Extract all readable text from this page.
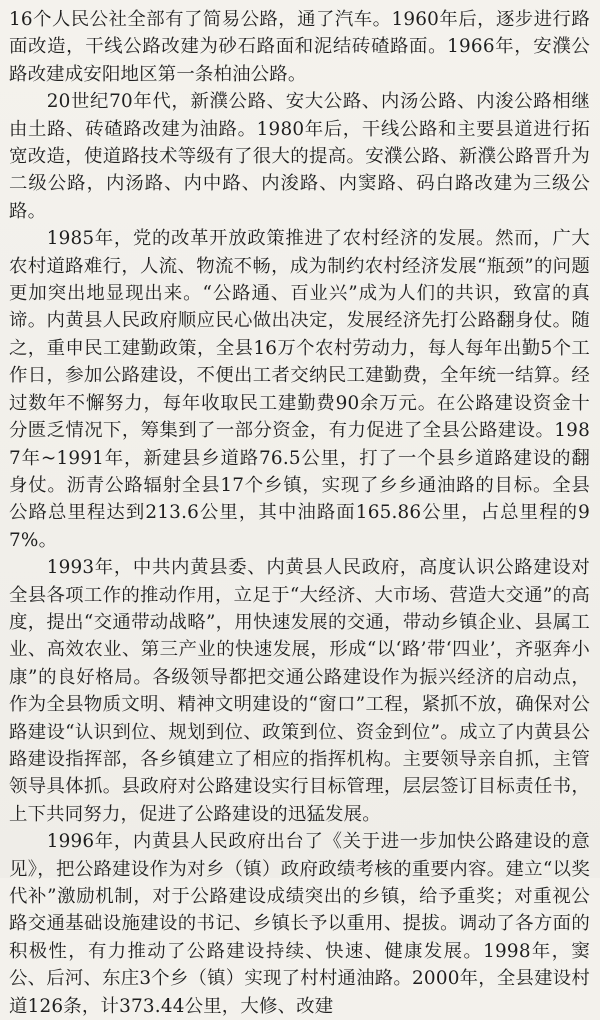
16个人民公社全部有了简易公路，通了汽车。1960年后，逐步进行路面改造，干线公路改建为砂石路面和泥结砖碴路面。1966年，安濮公路改建成安阳地区第一条柏油公路。

20世纪70年代，新濮公路、安大公路、内汤公路、内浚公路相继由土路、砖碴路改建为油路。1980年后，干线公路和主要县道进行拓宽改造，使道路技术等级有了很大的提高。安濮公路、新濮公路晋升为二级公路，内汤路、内中路、内浚路、内窦路、码白路改建为三级公路。

1985年，党的改革开放政策推进了农村经济的发展。然而，广大农村道路难行，人流、物流不畅，成为制约农村经济发展“瓶颈”的问题更加突出地显现出来。“公路通、百业兴”成为人们的共识，致富的真谛。内黄县人民政府顺应民心做出决定，发展经济先打公路翻身仗。随之，重申民工建勤政策，全县16万个农村劳动力，每人每年出勤5个工作日，参加公路建设，不便出工者交纳民工建勤费，全年统一结算。经过数年不懈努力，每年收取民工建勤费90余万元。在公路建设资金十分匮乏情况下，筹集到了一部分资金，有力促进了全县公路建设。1987年~1991年，新建县乡道路76.5公里，打了一个县乡道路建设的翻身仗。沥青公路辐射全县17个乡镇，实现了乡乡通油路的目标。全县公路总里程达到213.6公里，其中油路面165.86公里，占总里程的97%。

1993年，中共内黄县委、内黄县人民政府，高度认识公路建设对全县各项工作的推动作用，立足于“大经济、大市场、营造大交通”的高度，提出“交通带动战略”，用快速发展的交通，带动乡镇企业、县属工业、高效农业、第三产业的快速发展，形成“以‘路’带‘四业’，齐驱奔小康”的良好格局。各级领导都把交通公路建设作为振兴经济的启动点，作为全县物质文明、精神文明建设的“窗口”工程，紧抓不放，确保对公路建设“认识到位、规划到位、政策到位、资金到位”。成立了内黄县公路建设指挥部，各乡镇建立了相应的指挥机构。主要领导亲自抓，主管领导具体抓。县政府对公路建设实行目标管理，层层签订目标责任书，上下共同努力，促进了公路建设的迅猛发展。

1996年，内黄县人民政府出台了《关于进一步加快公路建设的意见》，把公路建设作为对乡（镇）政府政绩考核的重要内容。建立“以奖代补”激励机制，对于公路建设成绩突出的乡镇，给予重奖；对重视公路交通基础设施建设的书记、乡镇长予以重用、提拔。调动了各方面的积极性，有力推动了公路建设持续、快速、健康发展。1998年，窦公、后河、东庄3个乡（镇）实现了村村通油路。2000年，全县建设村道126条，计373.44公里，大修、改建
